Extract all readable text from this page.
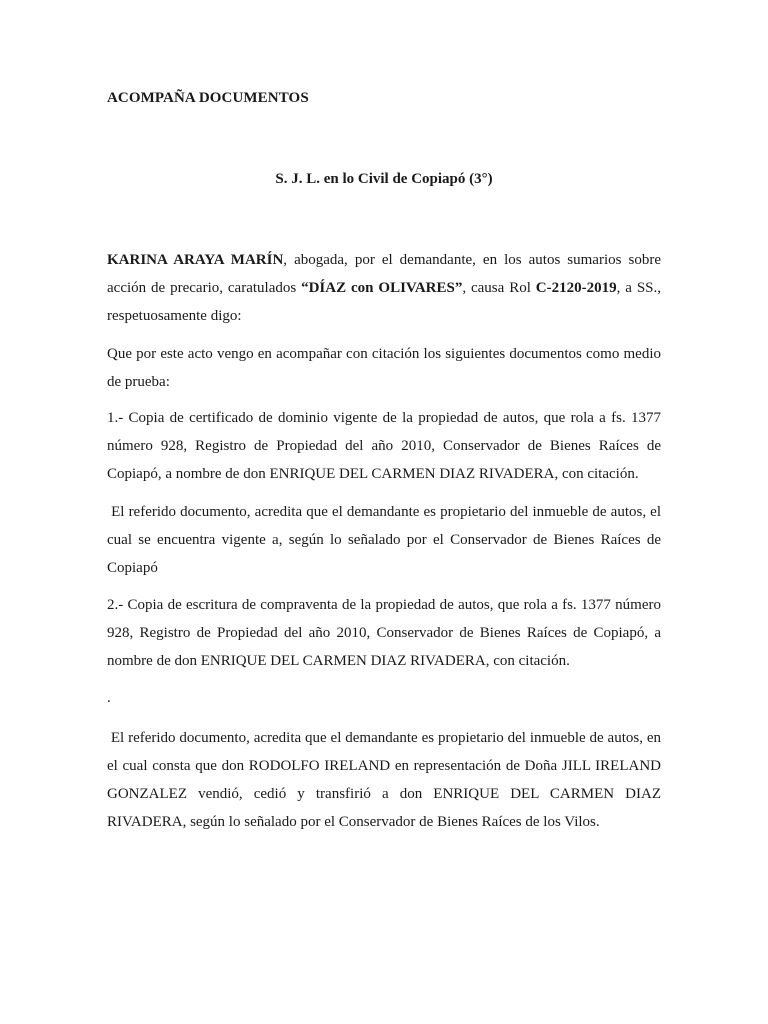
ACOMPAÑA DOCUMENTOS

S. J. L. en lo Civil de Copiapó (3°)

KARINA ARAYA MARÍN, abogada, por el demandante, en los autos sumarios sobre acción de precario, caratulados “DÍAZ con OLIVARES”, causa Rol C-2120-2019, a SS., respetuosamente digo:

Que por este acto vengo en acompañar con citación los siguientes documentos como medio de prueba:

1.- Copia de certificado de dominio vigente de la propiedad de autos, que rola a fs. 1377 número 928, Registro de Propiedad del año 2010, Conservador de Bienes Raíces de Copiapó, a nombre de don ENRIQUE DEL CARMEN DIAZ RIVADERA, con citación.

El referido documento, acredita que el demandante es propietario del inmueble de autos, el cual se encuentra vigente a, según lo señalado por el Conservador de Bienes Raíces de Copiapó

2.- Copia de escritura de compraventa de la propiedad de autos, que rola a fs. 1377 número 928, Registro de Propiedad del año 2010, Conservador de Bienes Raíces de Copiapó, a nombre de don ENRIQUE DEL CARMEN DIAZ RIVADERA, con citación.

.

El referido documento, acredita que el demandante es propietario del inmueble de autos, en el cual consta que don RODOLFO IRELAND en representación de Doña JILL IRELAND GONZALEZ vendió, cedió y transfirió a don ENRIQUE DEL CARMEN DIAZ RIVADERA, según lo señalado por el Conservador de Bienes Raíces de los Vilos.
